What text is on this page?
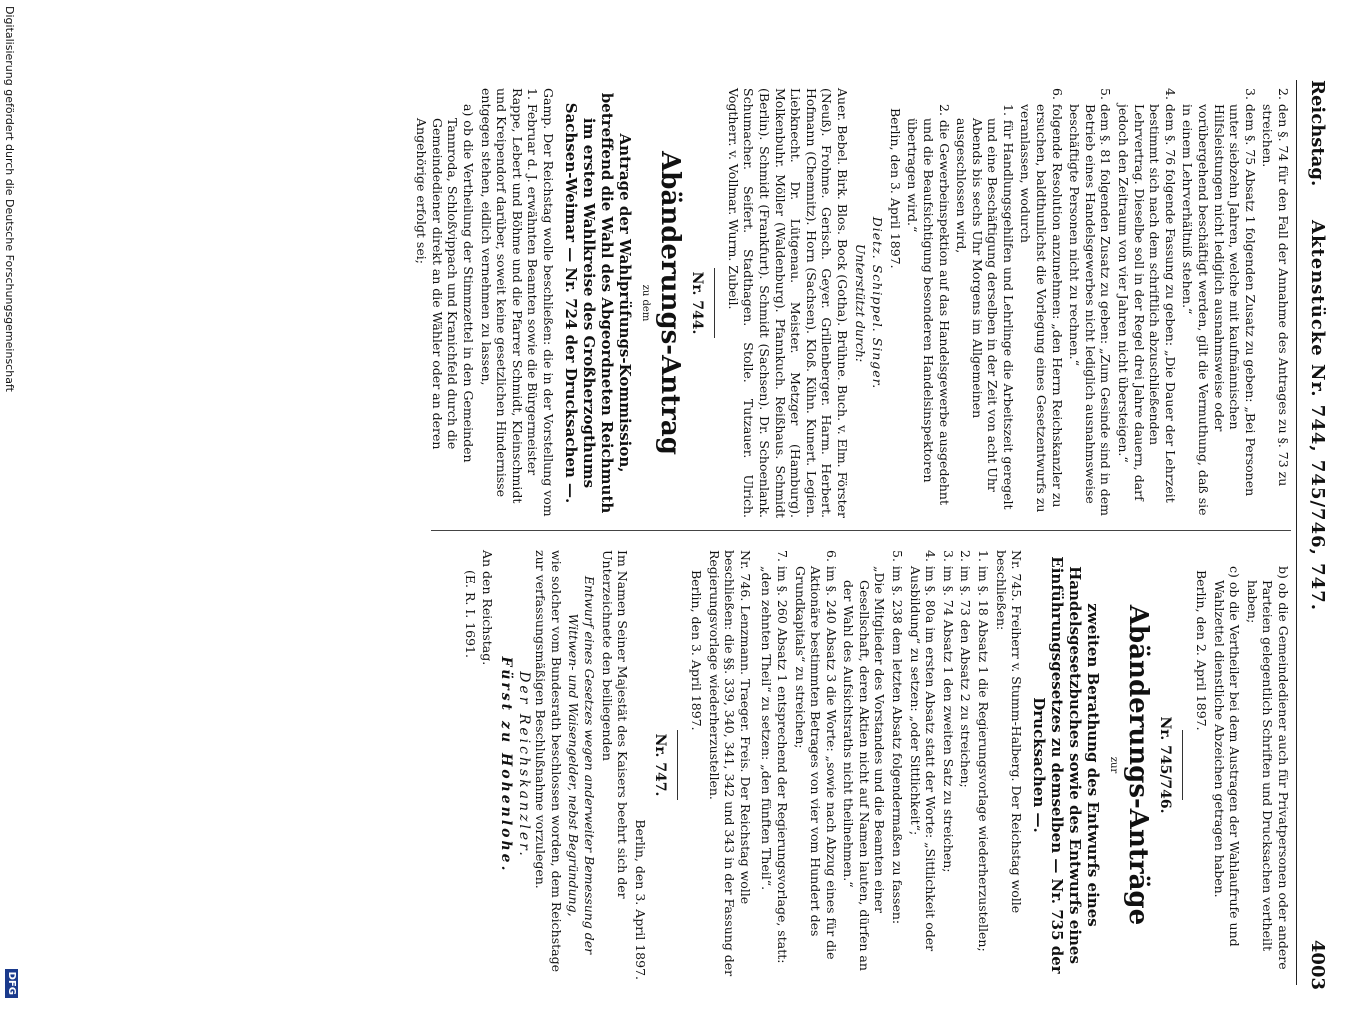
Reichstag.
Aktenstücke Nr. 744, 745/746, 747.
4003

2. den §. 74 für den Fall der Annahme des Antrages zu §. 73 zu streichen.

3. dem §. 75 Absatz 1 folgenden Zusatz zu geben: „Bei Personen unter siebzehn Jahren, welche mit kaufmännischen Hilfsleistungen nicht lediglich ausnahmsweise oder vorübergehend beschäftigt werden, gilt die Vermuthung, daß sie in einem Lehrverhältniß stehen.“

4. dem §. 76 folgende Fassung zu geben: „Die Dauer der Lehrzeit bestimmt sich nach dem schriftlich abzuschließenden Lehrvertrag. Dieselbe soll in der Regel drei Jahre dauern, darf jedoch den Zeitraum von vier Jahren nicht übersteigen.“

5. dem §. 81 folgenden Zusatz zu geben: „Zum Gesinde sind in dem Betrieb eines Handelsgewerbes nicht lediglich ausnahmsweise beschäftigte Personen nicht zu rechnen.“

6. folgende Resolution anzunehmen: „den Herrn Reichskanzler zu ersuchen, baldthunlichst die Vorlegung eines Gesetzentwurfs zu veranlassen, wodurch

1. für Handlungsgehilfen und Lehrlinge die Arbeitszeit geregelt und eine Beschäftigung derselben in der Zeit von acht Uhr Abends bis sechs Uhr Morgens im Allgemeinen ausgeschlossen wird,

2. die Gewerbeinspektion auf das Handelsgewerbe ausgedehnt und die Beaufsichtigung besonderen Handelsinspektoren übertragen wird.“

Berlin, den 3. April 1897.

Dietz. Schippel. Singer.

Unterstützt durch:

Auer. Bebel. Birk. Blos. Bock (Gotha). Brühne. Buch. v. Elm. Förster (Neuß). Frohme. Gerisch. Geyer. Grillenberger. Harm. Herbert. Hofmann (Chemnitz). Horn (Sachsen). Kloß. Kühn. Kunert. Legien. Liebknecht. Dr. Lütgenau. Meister. Metzger (Hamburg). Molkenbuhr. Möller (Waldenburg). Pfannkuch. Reißhaus. Schmidt (Berlin). Schmidt (Frankfurt). Schmidt (Sachsen). Dr. Schoenlank. Schumacher. Seifert. Stadthagen. Stolle. Tutzauer. Ulrich. Vogtherr. v. Vollmar. Wurm. Zubeil.

Nr. 744.

Abänderungs-Antrag

zu dem

Antrage der Wahlprüfungs-Kommission, betreffend die Wahl des Abgeordneten Reichmuth im ersten Wahlkreise des Großherzogthums Sachsen-Weimar — Nr. 724 der Drucksachen —.

Gamp. Der Reichstag wolle beschließen: die in der Vorstellung vom 1. Februar d. J. erwähnten Beamten sowie die Bürgermeister Rappe, Lebert und Böhme und die Pfarrer Schmidt, Kleinschmidt und Kreipendorf darüber, soweit keine gesetzlichen Hindernisse entgegen stehen, eidlich vernehmen zu lassen,

a) ob die Vertheilung der Stimmzettel in den Gemeinden Tannroda, Schloßvippach und Kranichfeld durch die Gemeindediener direkt an die Wähler oder an deren Angehörige erfolgt sei;

b) ob die Gemeindediener auch für Privatpersonen oder andere Parteien gelegentlich Schriften und Drucksachen vertheilt haben;

c) ob die Vertheiler bei dem Austragen der Wahlaufrufe und Wahlzettel dienstliche Abzeichen getragen haben.

Berlin, den 2. April 1897.

Nr. 745/746.

Abänderungs-Anträge

zur

zweiten Berathung des Entwurfs eines Handelsgesetzbuches sowie des Entwurfs eines Einführungsgesetzes zu demselben — Nr. 735 der Drucksachen —.

Nr. 745. Freiherr v. Stumm-Halberg. Der Reichstag wolle beschließen:

1. im §. 18 Absatz 1 die Regierungsvorlage wiederherzustellen;

2. im §. 73 den Absatz 2 zu streichen;

3. im §. 74 Absatz 1 den zweiten Satz zu streichen;

4. im §. 80a im ersten Absatz statt der Worte: „Sittlichkeit oder Ausbildung“ zu setzen: „oder Sittlichkeit“;

5. im §. 238 dem letzten Absatz folgendermaßen zu fassen:

„Die Mitglieder des Vorstandes und die Beamten einer Gesellschaft, deren Aktien nicht auf Namen lauten, dürfen an der Wahl des Aufsichtsraths nicht theilnehmen.“

6. im §. 240 Absatz 3 die Worte: „sowie nach Abzug eines für die Aktionäre bestimmten Betrages von vier vom Hundert des Grundkapitals“ zu streichen;

7. im §. 260 Absatz 1 entsprechend der Regierungsvorlage, statt: „den zehnten Theil“ zu setzen: „den fünften Theil“.

Nr. 746. Lenzmann. Traeger. Freis. Der Reichstag wolle beschließen: die §§. 339, 340, 341, 342 und 343 in der Fassung der Regierungsvorlage wiederherzustellen.

Berlin, den 3. April 1897.

Nr. 747.

Berlin, den 3. April 1897.

Im Namen Seiner Majestät des Kaisers beehrt sich der Unterzeichnete den beiliegenden

Entwurf eines Gesetzes wegen anderweiter Bemessung der Wittwen- und Waisengelder, nebst Begründung,

wie solcher vom Bundesrath beschlossen worden, dem Reichstage zur verfassungsmäßigen Beschlußnahme vorzulegen.

Der Reichskanzler.

Fürst zu Hohenlohe.

An den Reichstag.

(E. R. I. 1691.

Digitalisierung gefördert durch die Deutsche Forschungsgemeinschaft
DFG
